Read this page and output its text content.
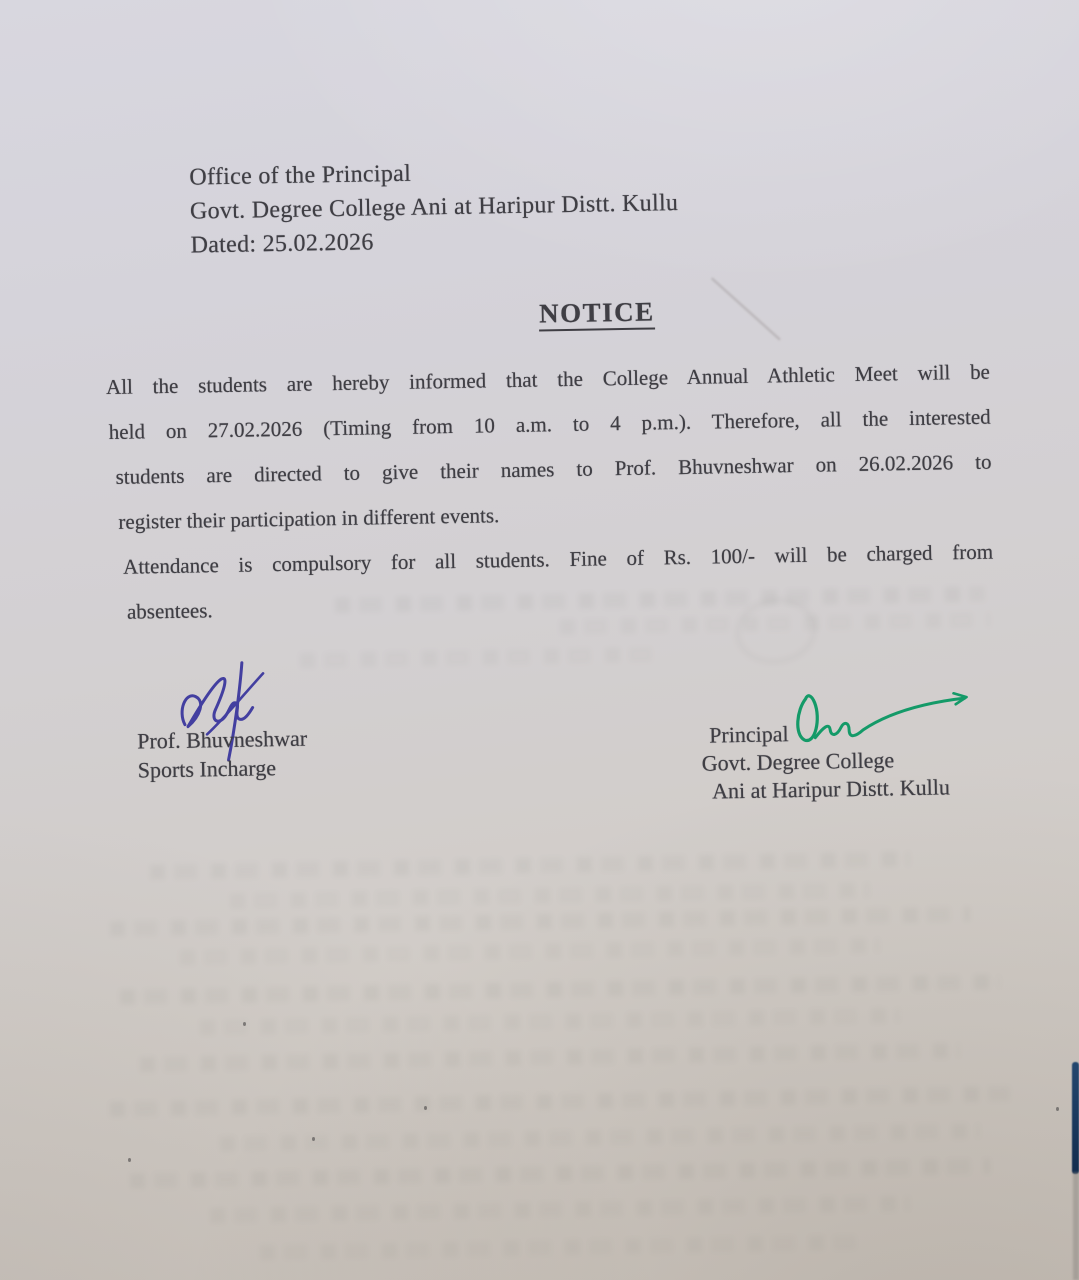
Office of the Principal
Govt. Degree College Ani at Haripur Distt. Kullu
Dated: 25.02.2026
NOTICE
All the students are hereby informed that the College Annual Athletic Meet will be
held on 27.02.2026 (Timing from 10 a.m. to 4 p.m.). Therefore, all the interested
students are directed to give their names to Prof. Bhuvneshwar on 26.02.2026 to
register their participation in different events.
Attendance is compulsory for all students. Fine of Rs. 100/- will be charged from
absentees.
Prof. Bhuvneshwar
Sports Incharge
Principal
Govt. Degree College
Ani at Haripur Distt. Kullu
